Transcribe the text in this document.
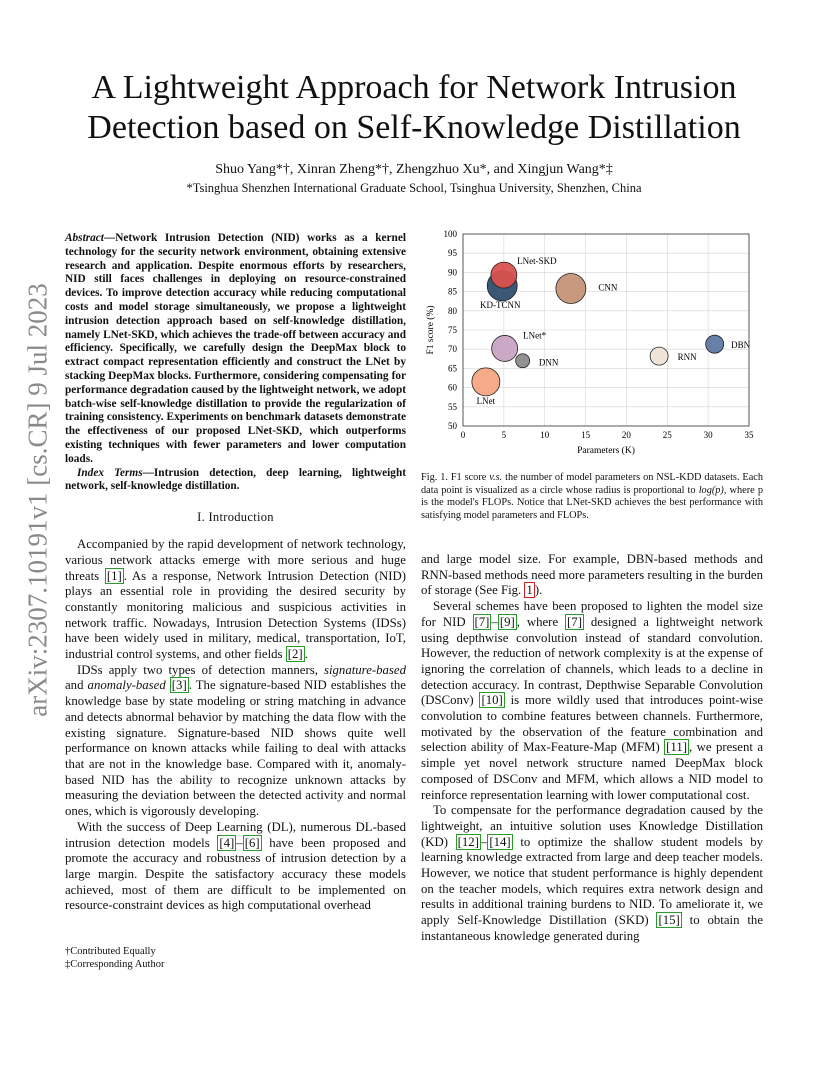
arXiv:2307.10191v1 [cs.CR] 9 Jul 2023
A Lightweight Approach for Network Intrusion
Detection based on Self-Knowledge Distillation
Shuo Yang*†, Xinran Zheng*†, Zhengzhuo Xu*, and Xingjun Wang*‡
*Tsinghua Shenzhen International Graduate School, Tsinghua University, Shenzhen, China

Abstract—Network Intrusion Detection (NID) works as a kernel technology for the security network environment, obtaining extensive research and application. Despite enormous efforts by researchers, NID still faces challenges in deploying on resource-constrained devices. To improve detection accuracy while reducing computational costs and model storage simultaneously, we propose a lightweight intrusion detection approach based on self-knowledge distillation, namely LNet-SKD, which achieves the trade-off between accuracy and efficiency. Specifically, we carefully design the DeepMax block to extract compact representation efficiently and construct the LNet by stacking DeepMax blocks. Furthermore, considering compensating for performance degradation caused by the lightweight network, we adopt batch-wise self-knowledge distillation to provide the regularization of training consistency. Experiments on benchmark datasets demonstrate the effectiveness of our proposed LNet-SKD, which outperforms existing techniques with fewer parameters and lower computation loads.

Index Terms—Intrusion detection, deep learning, lightweight network, self-knowledge distillation.

I. Introduction

Accompanied by the rapid development of network technology, various network attacks emerge with more serious and huge threats [1] . As a response, Network Intrusion Detection (NID) plays an essential role in providing the desired security by constantly monitoring malicious and suspicious activities in network traffic. Nowadays, Intrusion Detection Systems (IDSs) have been widely used in military, medical, transportation, IoT, industrial control systems, and other fields [2] .

IDSs apply two types of detection manners, signature-based and anomaly-based [3] . The signature-based NID establishes the knowledge base by state modeling or string matching in advance and detects abnormal behavior by matching the data flow with the existing signature. Signature-based NID shows quite well performance on known attacks while failing to deal with attacks that are not in the knowledge base. Compared with it, anomaly-based NID has the ability to recognize unknown attacks by measuring the deviation between the detected activity and normal ones, which is vigorously developing.

With the success of Deep Learning (DL), numerous DL-based intrusion detection models [4] – [6] have been proposed and promote the accuracy and robustness of intrusion detection by a large margin. Despite the satisfactory accuracy these models achieved, most of them are difficult to be implemented on resource-constraint devices as high computational overhead

†Contributed Equally
‡Corresponding Author
0	5	10	15	20	25	30	35
50
55
60
65
70
75
80
85
90
95
100
LNet
LNet*
DNN
KD-TCNN
LNet-SKD
CNN
RNN
DBN
Parameters (K)
F1 score (%)
Fig. 1. F1 score v.s. the number of model parameters on NSL-KDD datasets. Each data point is visualized as a circle whose radius is proportional to log(p), where p is the model's FLOPs. Notice that LNet-SKD achieves the best performance with satisfying model parameters and FLOPs.

and large model size. For example, DBN-based methods and RNN-based methods need more parameters resulting in the burden of storage (See Fig. 1 ).

Several schemes have been proposed to lighten the model size for NID [7] – [9] , where [7] designed a lightweight network using depthwise convolution instead of standard convolution. However, the reduction of network complexity is at the expense of ignoring the correlation of channels, which leads to a decline in detection accuracy. In contrast, Depthwise Separable Convolution (DSConv) [10] is more wildly used that introduces point-wise convolution to combine features between channels. Furthermore, motivated by the observation of the feature combination and selection ability of Max-Feature-Map (MFM) [11] , we present a simple yet novel network structure named DeepMax block composed of DSConv and MFM, which allows a NID model to reinforce representation learning with lower computational cost.

To compensate for the performance degradation caused by the lightweight, an intuitive solution uses Knowledge Distillation (KD) [12] – [14] to optimize the shallow student models by learning knowledge extracted from large and deep teacher models. However, we notice that student performance is highly dependent on the teacher models, which requires extra network design and results in additional training burdens to NID. To ameliorate it, we apply Self-Knowledge Distillation (SKD) [15] to obtain the instantaneous knowledge generated during
